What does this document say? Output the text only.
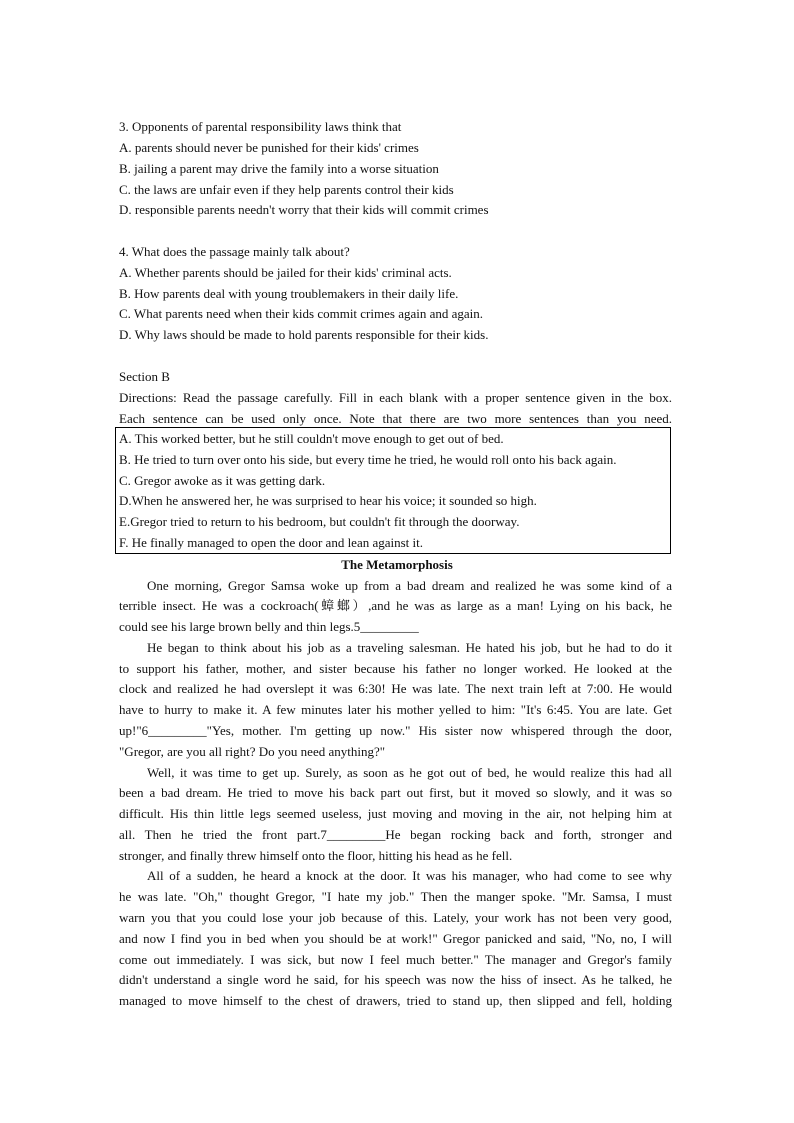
3. Opponents of parental responsibility laws think that
A. parents should never be punished for their kids' crimes
B. jailing a parent may drive the family into a worse situation
C. the laws are unfair even if they help parents control their kids
D. responsible parents needn't worry that their kids will commit crimes
4. What does the passage mainly talk about?
A. Whether parents should be jailed for their kids' criminal acts.
B. How parents deal with young troublemakers in their daily life.
C. What parents need when their kids commit crimes again and again.
D. Why laws should be made to hold parents responsible for their kids.
Section B
Directions: Read the passage carefully. Fill in each blank with a proper sentence given in the box.
Each sentence can be used only once. Note that there are two more sentences than you need.
A. This worked better, but he still couldn't move enough to get out of bed.
B. He tried to turn over onto his side, but every time he tried, he would roll onto his back again.
C. Gregor awoke as it was getting dark.
D.When he answered her, he was surprised to hear his voice; it sounded so high.
E.Gregor tried to return to his bedroom, but couldn't fit through the doorway.
F. He finally managed to open the door and lean against it.
The Metamorphosis
One morning, Gregor Samsa woke up from a bad dream and realized he was some kind of a
terrible insect. He was a cockroach(蟑螂）,and he was as large as a man! Lying on his back, he
could see his large brown belly and thin legs.5_________
He began to think about his job as a traveling salesman. He hated his job, but he had to do it
to support his father, mother, and sister because his father no longer worked. He looked at the
clock and realized he had overslept it was 6:30! He was late. The next train left at 7:00. He would
have to hurry to make it. A few minutes later his mother yelled to him: "It's 6:45. You are late. Get
up!"6_________"Yes, mother. I'm getting up now." His sister now whispered through the door,
"Gregor, are you all right? Do you need anything?"
Well, it was time to get up. Surely, as soon as he got out of bed, he would realize this had all
been a bad dream. He tried to move his back part out first, but it moved so slowly, and it was so
difficult. His thin little legs seemed useless, just moving and moving in the air, not helping him at
all. Then he tried the front part.7_________He began rocking back and forth, stronger and
stronger, and finally threw himself onto the floor, hitting his head as he fell.
All of a sudden, he heard a knock at the door. It was his manager, who had come to see why
he was late. "Oh," thought Gregor, "I hate my job." Then the manger spoke. "Mr. Samsa, I must
warn you that you could lose your job because of this. Lately, your work has not been very good,
and now I find you in bed when you should be at work!" Gregor panicked and said, "No, no, I will
come out immediately. I was sick, but now I feel much better." The manager and Gregor's family
didn't understand a single word he said, for his speech was now the hiss of insect. As he talked, he
managed to move himself to the chest of drawers, tried to stand up, then slipped and fell, holding
